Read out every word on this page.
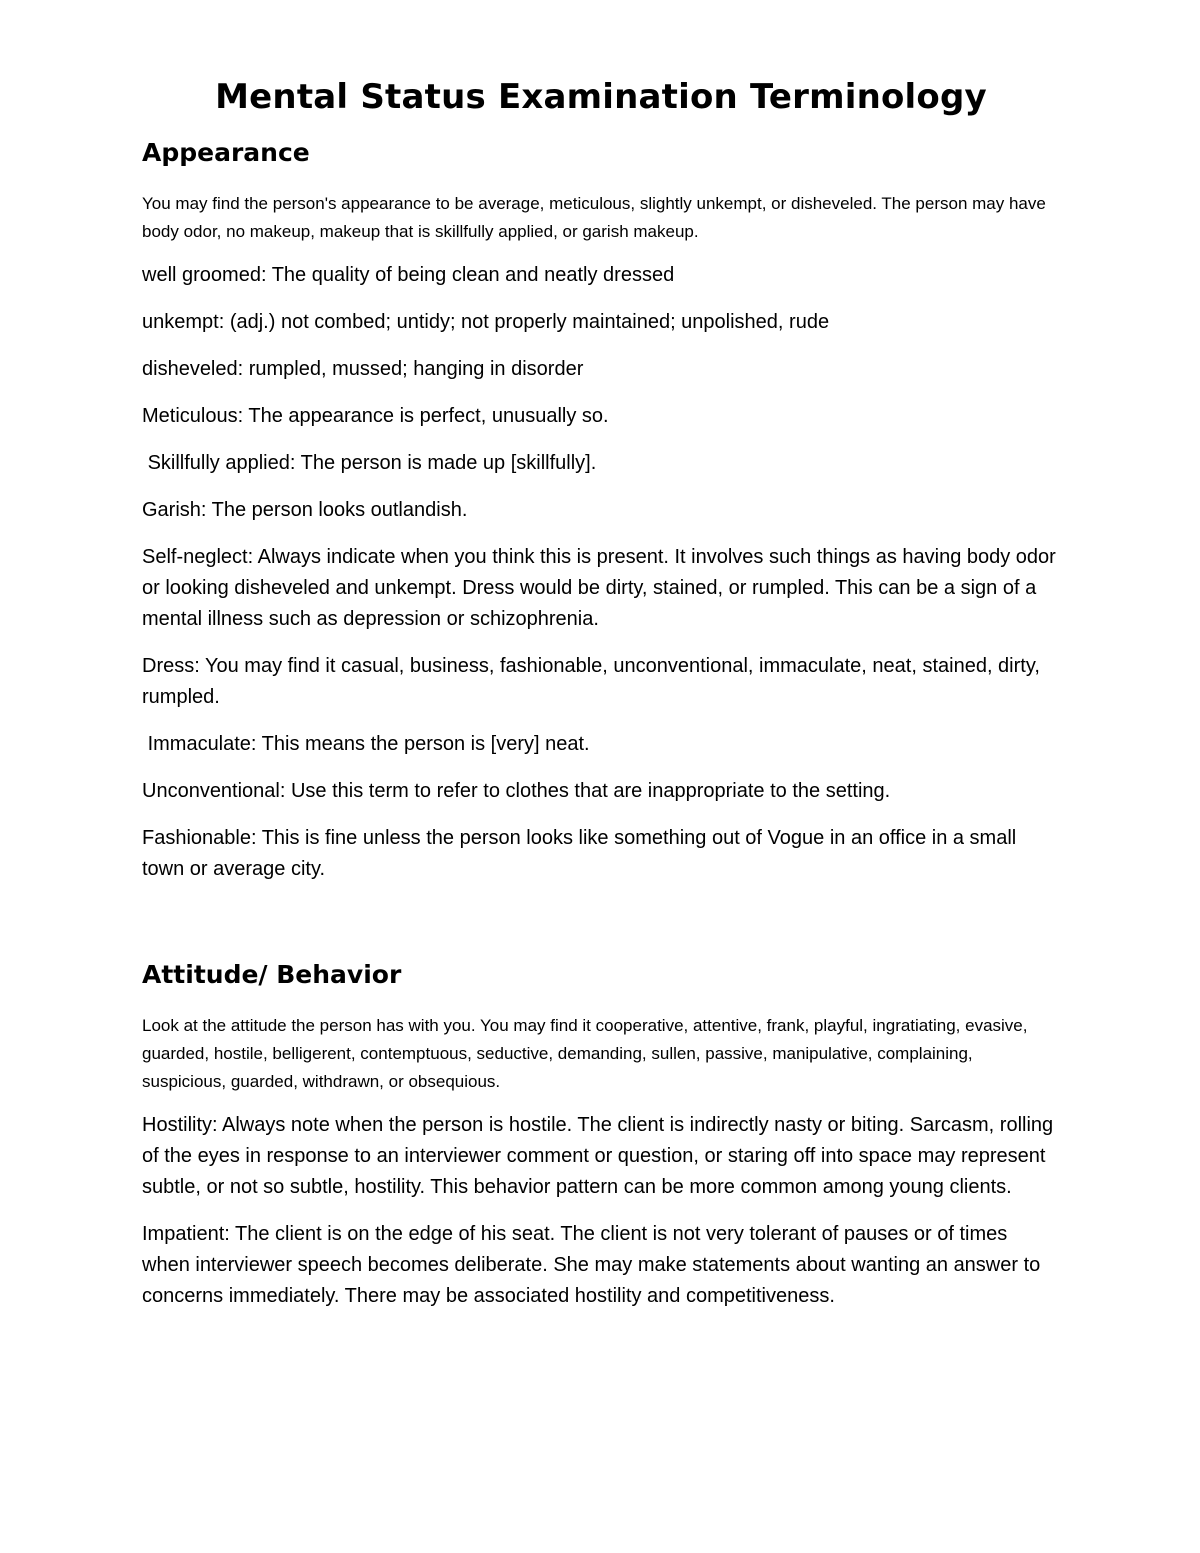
Mental Status Examination Terminology
Appearance

You may find the person's appearance to be average, meticulous, slightly unkempt, or disheveled. The person may have body odor, no makeup, makeup that is skillfully applied, or garish makeup.

well groomed: The quality of being clean and neatly dressed

unkempt: (adj.) not combed; untidy; not properly maintained; unpolished, rude

disheveled: rumpled, mussed; hanging in disorder

Meticulous: The appearance is perfect, unusually so.

Skillfully applied: The person is made up [skillfully].

Garish: The person looks outlandish.

Self-neglect: Always indicate when you think this is present. It involves such things as having body odor or looking disheveled and unkempt. Dress would be dirty, stained, or rumpled. This can be a sign of a mental illness such as depression or schizophrenia.

Dress: You may find it casual, business, fashionable, unconventional, immaculate, neat, stained, dirty, rumpled.

Immaculate: This means the person is [very] neat.

Unconventional: Use this term to refer to clothes that are inappropriate to the setting.

Fashionable: This is fine unless the person looks like something out of Vogue in an office in a small town or average city.

Attitude/ Behavior

Look at the attitude the person has with you. You may find it cooperative, attentive, frank, playful, ingratiating, evasive, guarded, hostile, belligerent, contemptuous, seductive, demanding, sullen, passive, manipulative, complaining, suspicious, guarded, withdrawn, or obsequious.

Hostility: Always note when the person is hostile. The client is indirectly nasty or biting. Sarcasm, rolling of the eyes in response to an interviewer comment or question, or staring off into space may represent subtle, or not so subtle, hostility. This behavior pattern can be more common among young clients.

Impatient: The client is on the edge of his seat. The client is not very tolerant of pauses or of times when interviewer speech becomes deliberate. She may make statements about wanting an answer to concerns immediately. There may be associated hostility and competitiveness.
